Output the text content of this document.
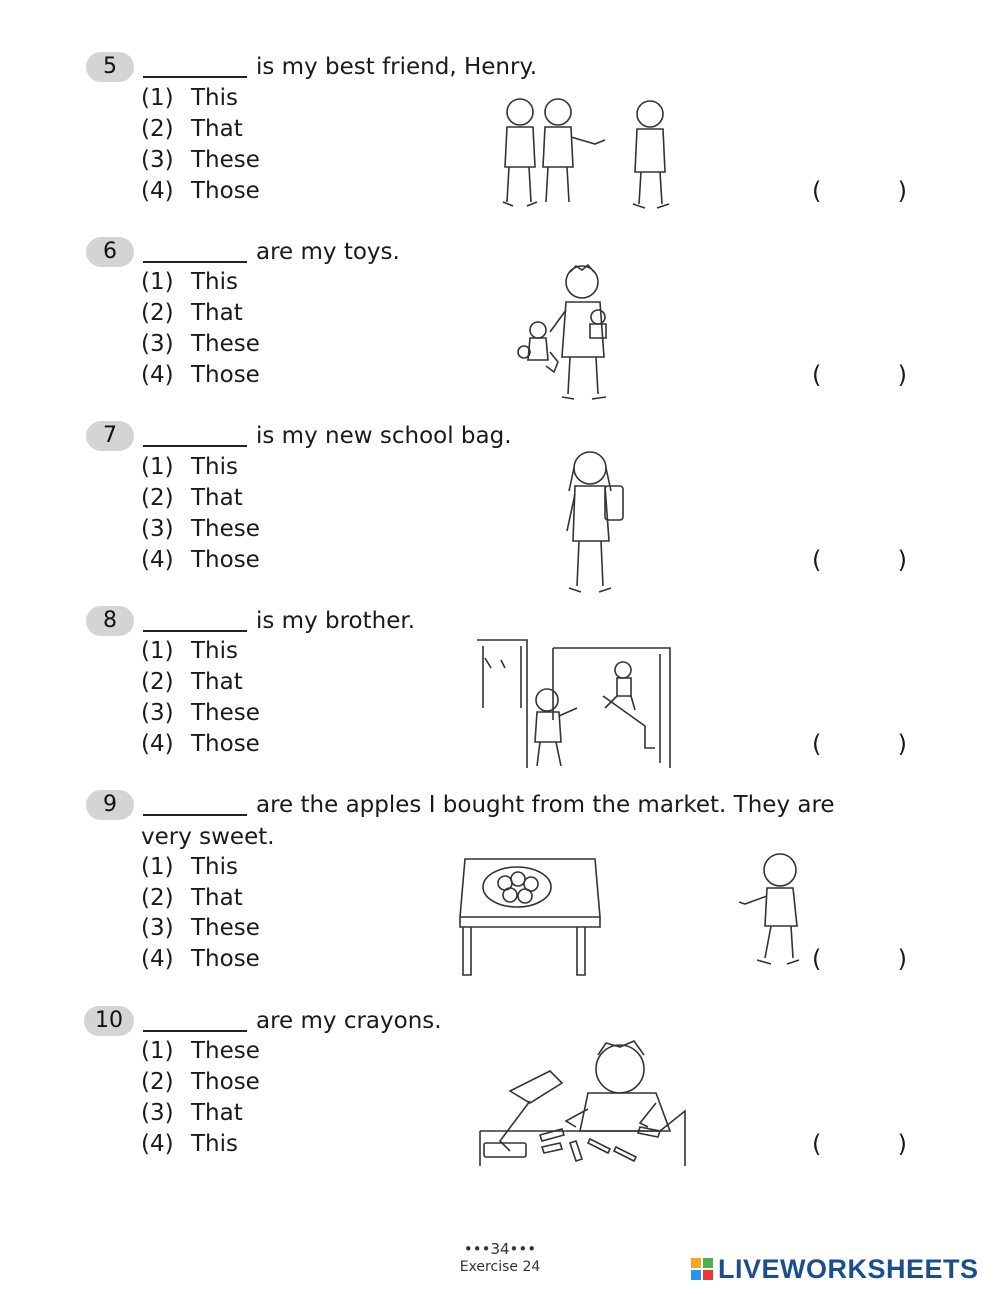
5	is my best friend, Henry.
(1) This
(2) That
(3) These
(4) Those	(	)
6	are my toys.
(1) This
(2) That
(3) These
(4) Those	(	)
7	is my new school bag.
(1) This
(2) That
(3) These
(4) Those	(	)
8	is my brother.
(1) This
(2) That
(3) These
(4) Those	(	)
9	are the apples I bought from the market. They are
very sweet.
(1) This
(2) That
(3) These
(4) Those	(	)
10	are my crayons.
(1) These
(2) Those
(3) That
(4) This	(	)
•••34•••
Exercise 24	LIVEWORKSHEETS
